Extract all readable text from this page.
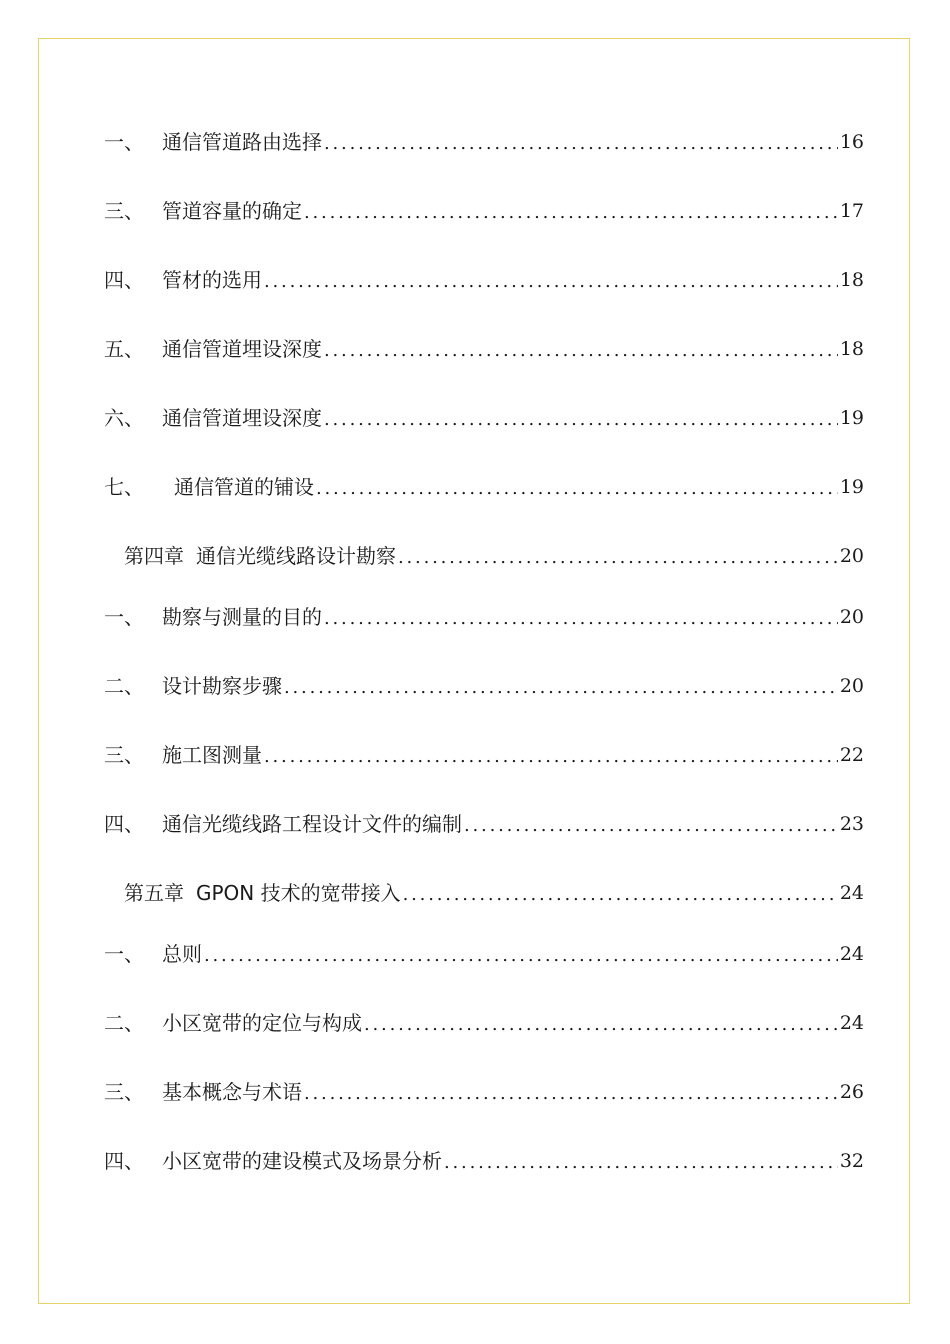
一、 通信管道路由选择 .....	16
三、 管道容量的确定 .....	17
四、 管材的选用 .....	18
五、 通信管道埋设深度 .....	18
六、 通信管道埋设深度 .....	19
七、	通信管道的铺设 .....	19
第四章 通信光缆线路设计勘察 .....	20
一、 勘察与测量的目的 .....	20
二、 设计勘察步骤 .....	20
三、 施工图测量 .....	22
四、 通信光缆线路工程设计文件的编制 .....	23
第五章 GPON 技术的宽带接入 .....	24
一、 总则 .....	24
二、 小区宽带的定位与构成 .....	24
三、 基本概念与术语 .....	26
四、 小区宽带的建设模式及场景分析 .....	32
